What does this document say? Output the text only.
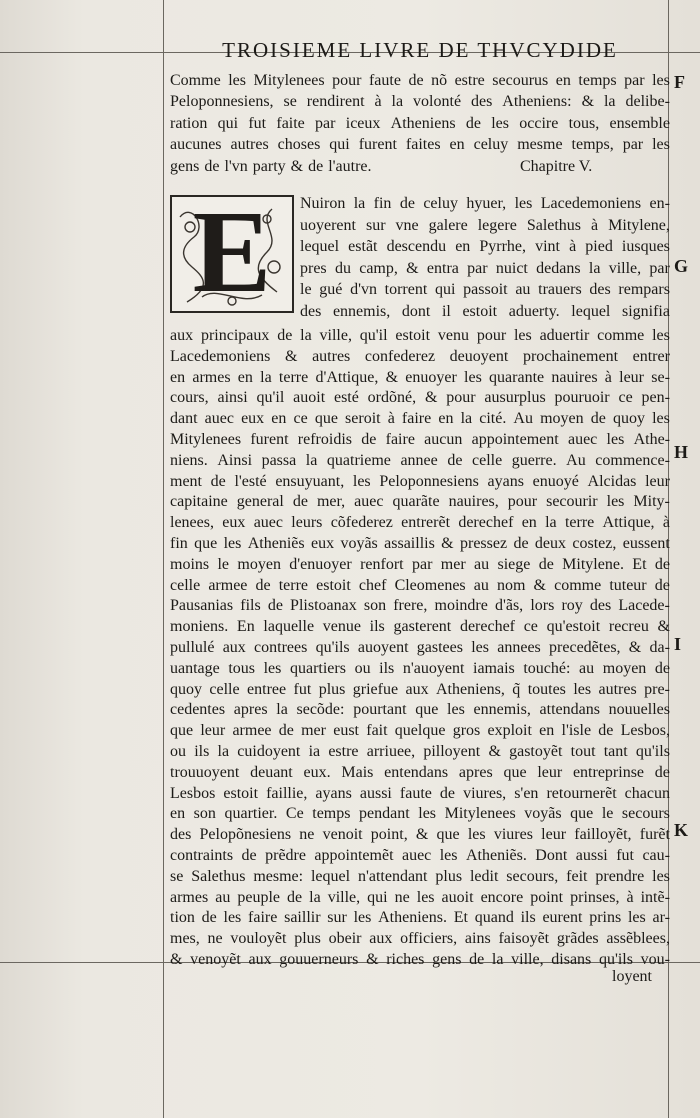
TROISIEME LIVRE DE THVCYDIDE
Comme les Mitylenees pour faute de nõ estre secourus en temps par les
Peloponnesiens, se rendirent à la volonté des Atheniens: & la delibe-
ration qui fut faite par iceux Atheniens de les occire tous, ensemble
aucunes autres choses qui furent faites en celuy mesme temps, par les
gens de l'vn party & de l'autre.	Chapitre V.
E	Nuiron la fin de celuy hyuer, les Lacedemoniens en-
uoyerent sur vne galere legere Salethus à Mitylene,
lequel estãt descendu en Pyrrhe, vint à pied iusques
pres du camp, & entra par nuict dedans la ville, par
le gué d'vn torrent qui passoit au trauers des rempars
des ennemis, dont il estoit aduerty. lequel signifia
aux principaux de la ville, qu'il estoit venu pour les aduertir comme les
Lacedemoniens & autres confederez deuoyent prochainement entrer
en armes en la terre d'Attique, & enuoyer les quarante nauires à leur se-
cours, ainsi qu'il auoit esté ordõné, & pour ausurplus pouruoir ce pen-
dant auec eux en ce que seroit à faire en la cité. Au moyen de quoy les
Mitylenees furent refroidis de faire aucun appointement auec les Athe-
niens. Ainsi passa la quatrieme annee de celle guerre. Au commence-
ment de l'esté ensuyuant, les Peloponnesiens ayans enuoyé Alcidas leur
capitaine general de mer, auec quarãte nauires, pour secourir les Mity-
lenees, eux auec leurs cõfederez entrerẽt derechef en la terre Attique, à
fin que les Atheniẽs eux voyãs assaillis & pressez de deux costez, eussent
moins le moyen d'enuoyer renfort par mer au siege de Mitylene. Et de
celle armee de terre estoit chef Cleomenes au nom & comme tuteur de
Pausanias fils de Plistoanax son frere, moindre d'ãs, lors roy des Lacede-
moniens. En laquelle venue ils gasterent derechef ce qu'estoit recreu &
pullulé aux contrees qu'ils auoyent gastees les annees precedẽtes, & da-
uantage tous les quartiers ou ils n'auoyent iamais touché: au moyen de
quoy celle entree fut plus griefue aux Atheniens, q̃ toutes les autres pre-
cedentes apres la secõde: pourtant que les ennemis, attendans nouuelles
que leur armee de mer eust fait quelque gros exploit en l'isle de Lesbos,
ou ils la cuidoyent ia estre arriuee, pilloyent & gastoyẽt tout tant qu'ils
trouuoyent deuant eux. Mais entendans apres que leur entreprinse de
Lesbos estoit faillie, ayans aussi faute de viures, s'en retournerẽt chacun
en son quartier. Ce temps pendant les Mitylenees voyãs que le secours
des Pelopõnesiens ne venoit point, & que les viures leur failloyẽt, furẽt
contraints de prẽdre appointemẽt auec les Atheniẽs. Dont aussi fut cau-
se Salethus mesme: lequel n'attendant plus ledit secours, feit prendre les
armes au peuple de la ville, qui ne les auoit encore point prinses, à intẽ-
tion de les faire saillir sur les Atheniens. Et quand ils eurent prins les ar-
mes, ne vouloyẽt plus obeir aux officiers, ains faisoyẽt grãdes assẽblees,
& venoyẽt aux gouuerneurs & riches gens de la ville, disans qu'ils vou-
F
G
H
I
K
loyent
